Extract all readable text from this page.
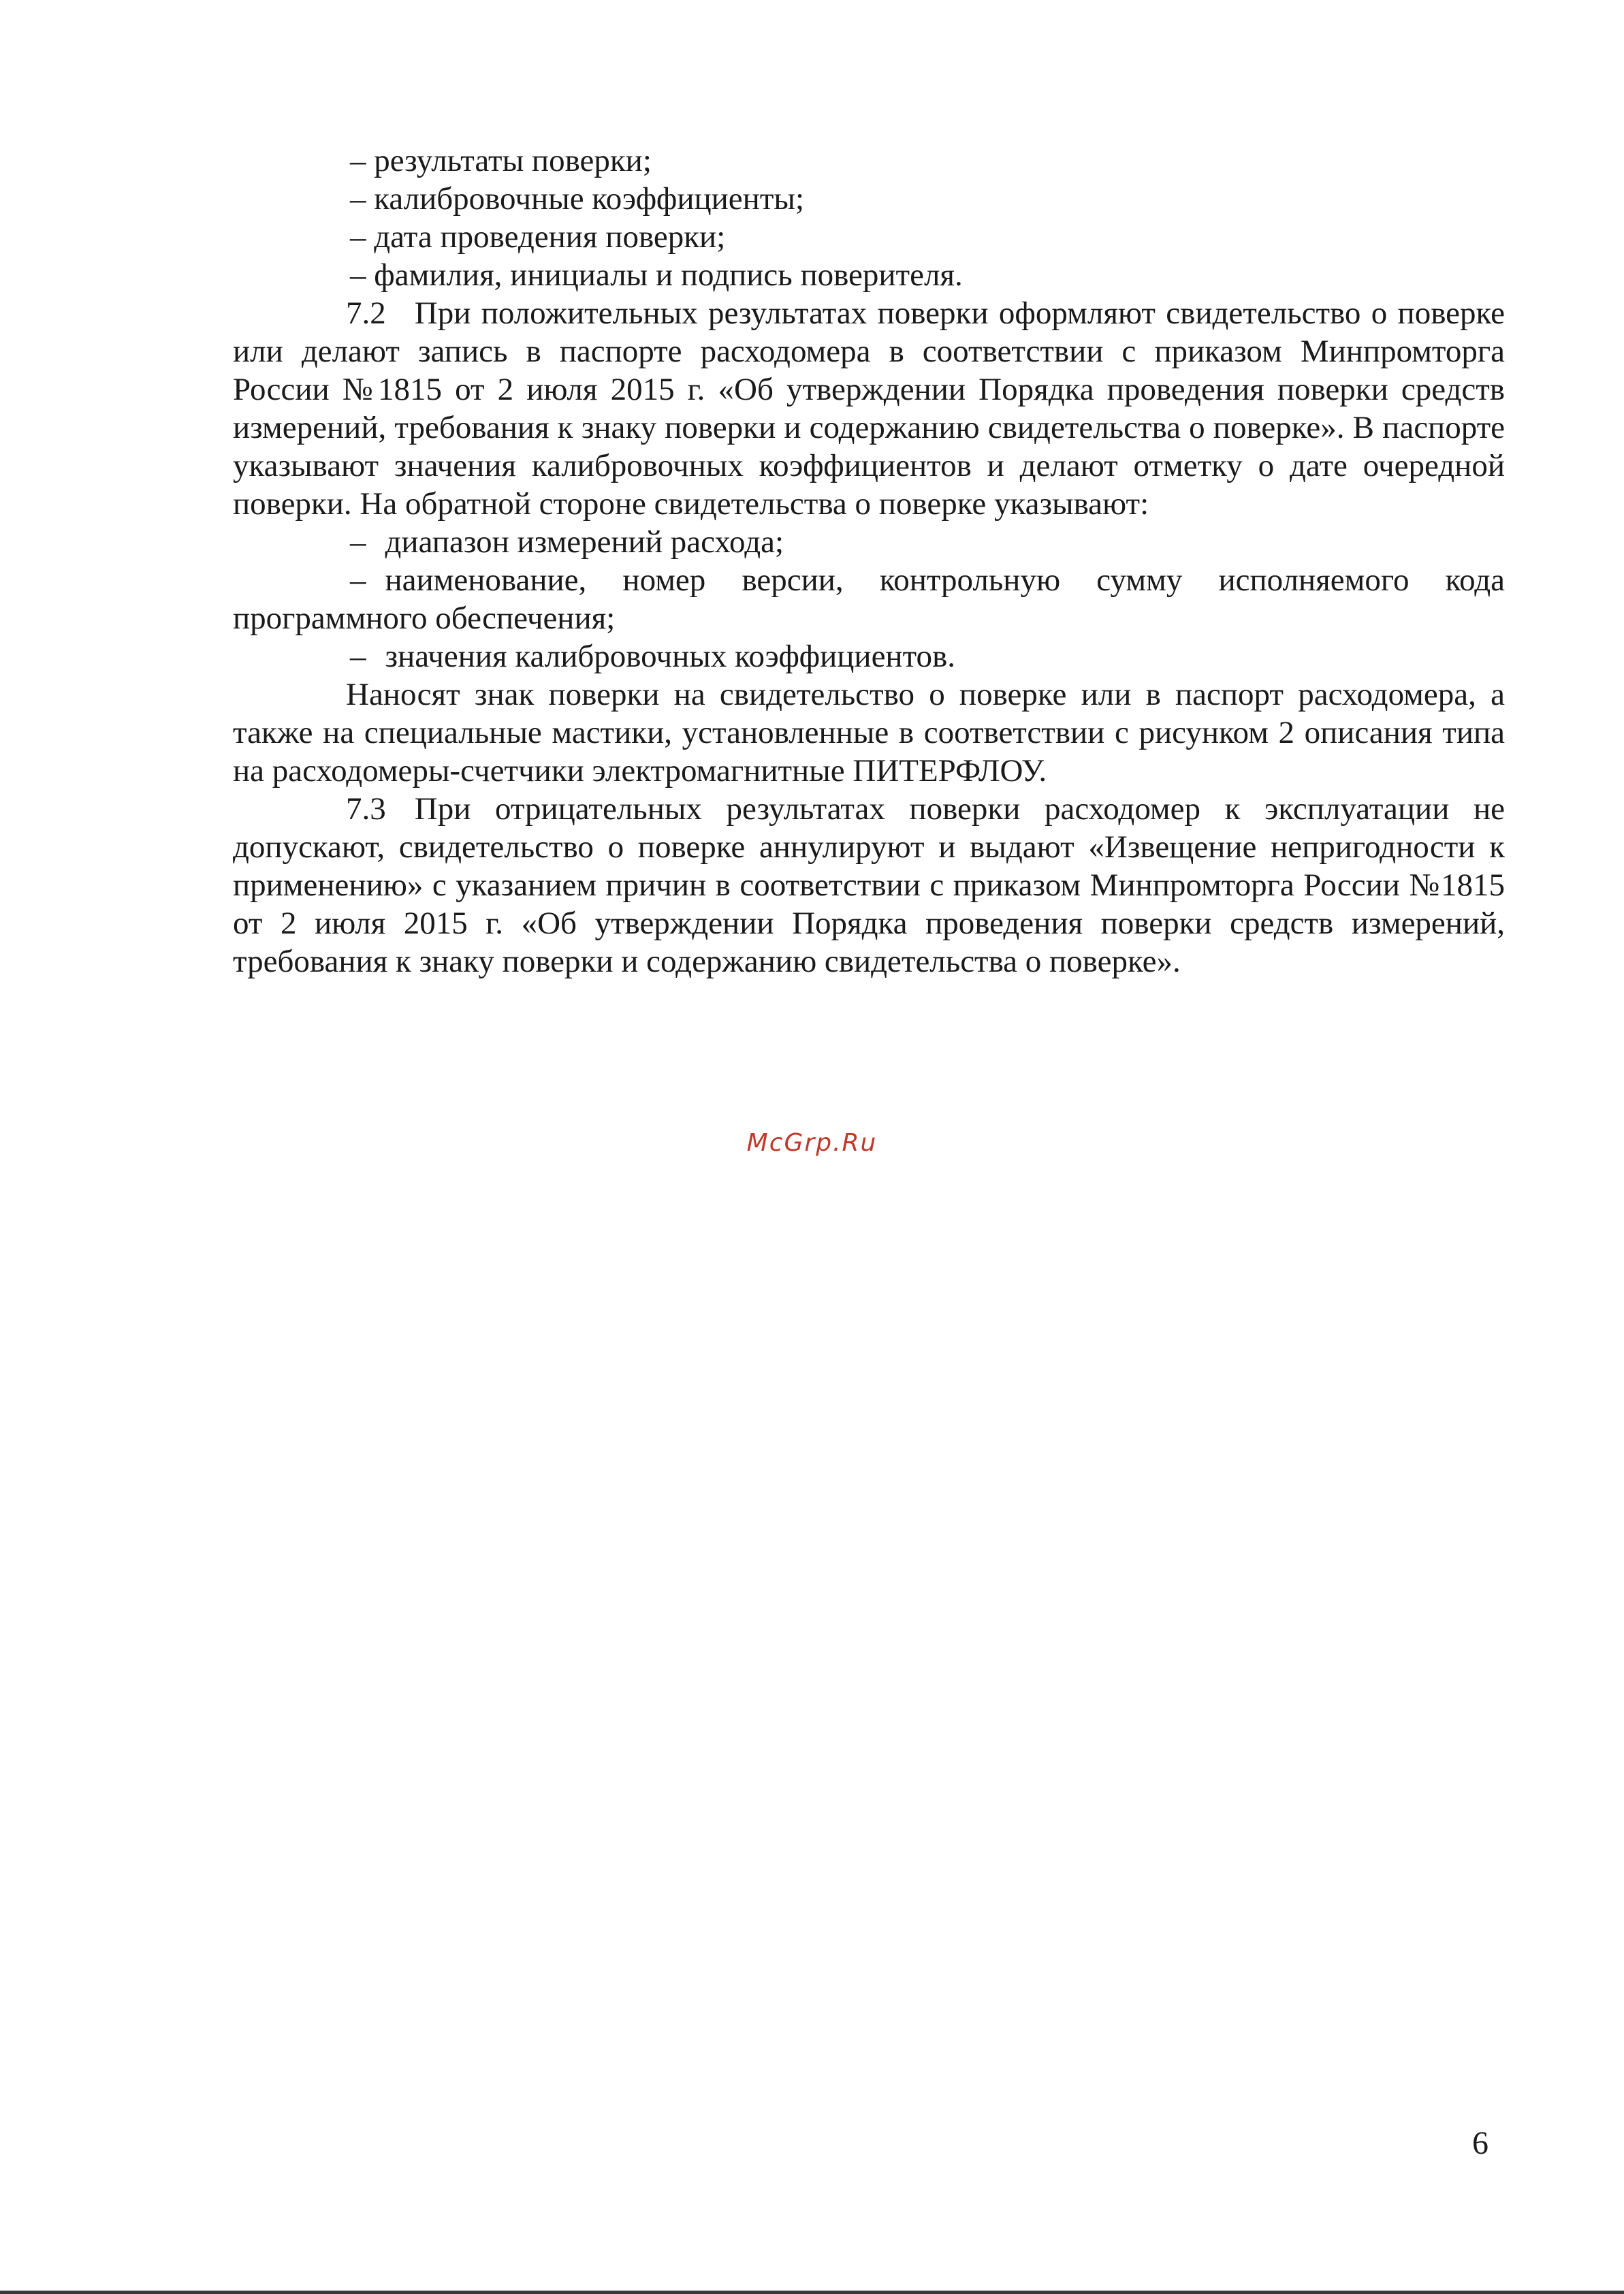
– результаты поверки;

– калибровочные коэффициенты;

– дата проведения поверки;

– фамилия, инициалы и подпись поверителя.

7.2 При положительных результатах поверки оформляют свидетельство о поверке или делают запись в паспорте расходомера в соответствии с приказом Минпромторга России №1815 от 2 июля 2015 г. «Об утверждении Порядка проведения поверки средств измерений, требования к знаку поверки и содержанию свидетельства о поверке». В паспорте указывают значения калибровочных коэффициентов и делают отметку о дате очередной поверки. На обратной стороне свидетельства о поверке указывают:

– диапазон измерений расхода;

– наименование, номер версии, контрольную сумму исполняемого кода программного обеспечения;

– значения калибровочных коэффициентов.

Наносят знак поверки на свидетельство о поверке или в паспорт расходомера, а также на специальные мастики, установленные в соответствии с рисунком 2 описания типа на расходомеры-счетчики электромагнитные ПИТЕРФЛОУ.

7.3 При отрицательных результатах поверки расходомер к эксплуатации не допускают, свидетельство о поверке аннулируют и выдают «Извещение непригодности к применению» с указанием причин в соответствии с приказом Минпромторга России №1815 от 2 июля 2015 г. «Об утверждении Порядка проведения поверки средств измерений, требования к знаку поверки и содержанию свидетельства о поверке».

McGrp.Ru
6
